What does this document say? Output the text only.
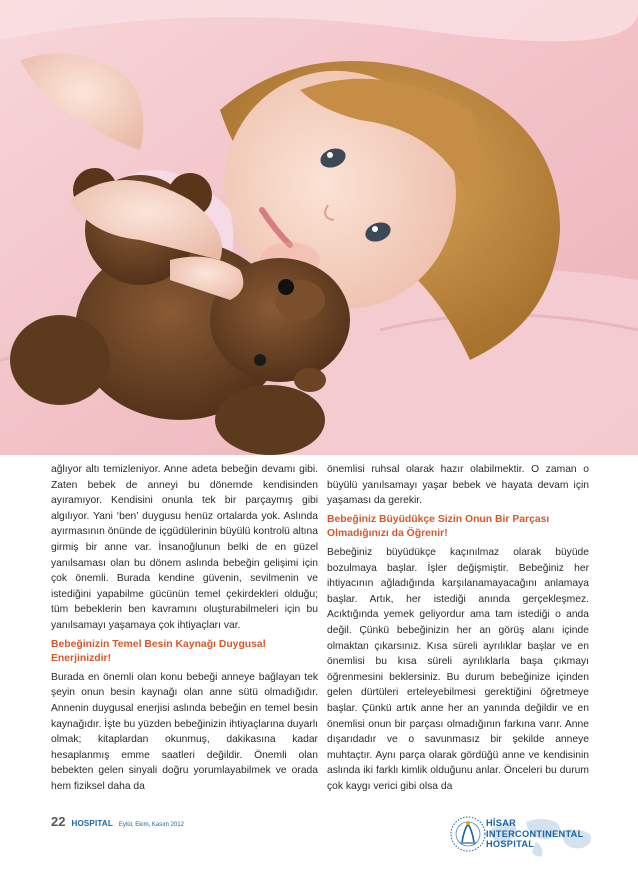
ağlıyor altı temizleniyor. Anne adeta bebeğin devamı gibi. Zaten bebek de anneyi bu dönemde kendisinden ayıramıyor. Kendisini onunla tek bir parçaymış gibi algılıyor. Yani ‘ben’ duygusu henüz ortalarda yok. Aslında ayırmasının önünde de içgüdülerinin büyülü kontrolü altına girmiş bir anne var. İnsanoğlunun belki de en güzel yanılsaması olan bu dönem aslında bebeğin gelişimi için çok önemli. Burada kendine güvenin, sevilmenin ve istediğini yapabilme gücünün temel çekirdekleri olduğu; tüm bebeklerin ben kavramını oluşturabilmeleri için bu yanılsamayı yaşamaya çok ihtiyaçları var.

Bebeğinizin Temel Besin Kaynağı Duygusal Enerjinizdir!

Burada en önemli olan konu bebeği anneye bağlayan tek şeyin onun besin kaynağı olan anne sütü olmadığıdır. Annenin duygusal enerjisi aslında bebeğin en temel besin kaynağıdır. İşte bu yüzden bebeğinizin ihtiyaçlarına duyarlı olmak; kitaplardan okunmuş, dakikasına kadar hesaplanmış emme saatleri değildir. Önemli olan bebekten gelen sinyali doğru yorumlayabilmek ve orada hem fiziksel daha da

önemlisi ruhsal olarak hazır olabilmektir. O zaman o büyülü yanılsamayı yaşar bebek ve hayata devam için yaşaması da gerekir.

Bebeğiniz Büyüdükçe Sizin Onun Bir Parçası Olmadığınızı da Öğrenir!

Bebeğiniz büyüdükçe kaçınılmaz olarak büyüde bozulmaya başlar. İşler değişmiştir. Bebeğiniz her ihtiyacının ağladığında karşılanamayacağını anlamaya başlar. Artık, her istediği anında gerçekleşmez. Acıktığında yemek geliyordur ama tam istediği o anda değil. Çünkü bebeğinizin her an görüş alanı içinde olmaktan çıkarsınız. Kısa süreli ayrılıklar başlar ve en önemlisi bu kısa süreli ayrılıklarla başa çıkmayı öğrenmesini beklersiniz. Bu durum bebeğinize içinden gelen dürtüleri erteleyebilmesi gerektiğini öğretmeye başlar. Çünkü artık anne her an yanında değildir ve en önemlisi onun bir parçası olmadığının farkına varır. Anne dışarıdadır ve o savunmasız bir şekilde anneye muhtaçtır. Aynı parça olarak gördüğü anne ve kendisinin aslında iki farklı kimlik olduğunu anlar. Önceleri bu durum çok kaygı verici gibi olsa da

22 HOSPITAL Eylül, Ekim, Kasım 2012	HİSAR
INTERCONTINENTAL
HOSPITAL
